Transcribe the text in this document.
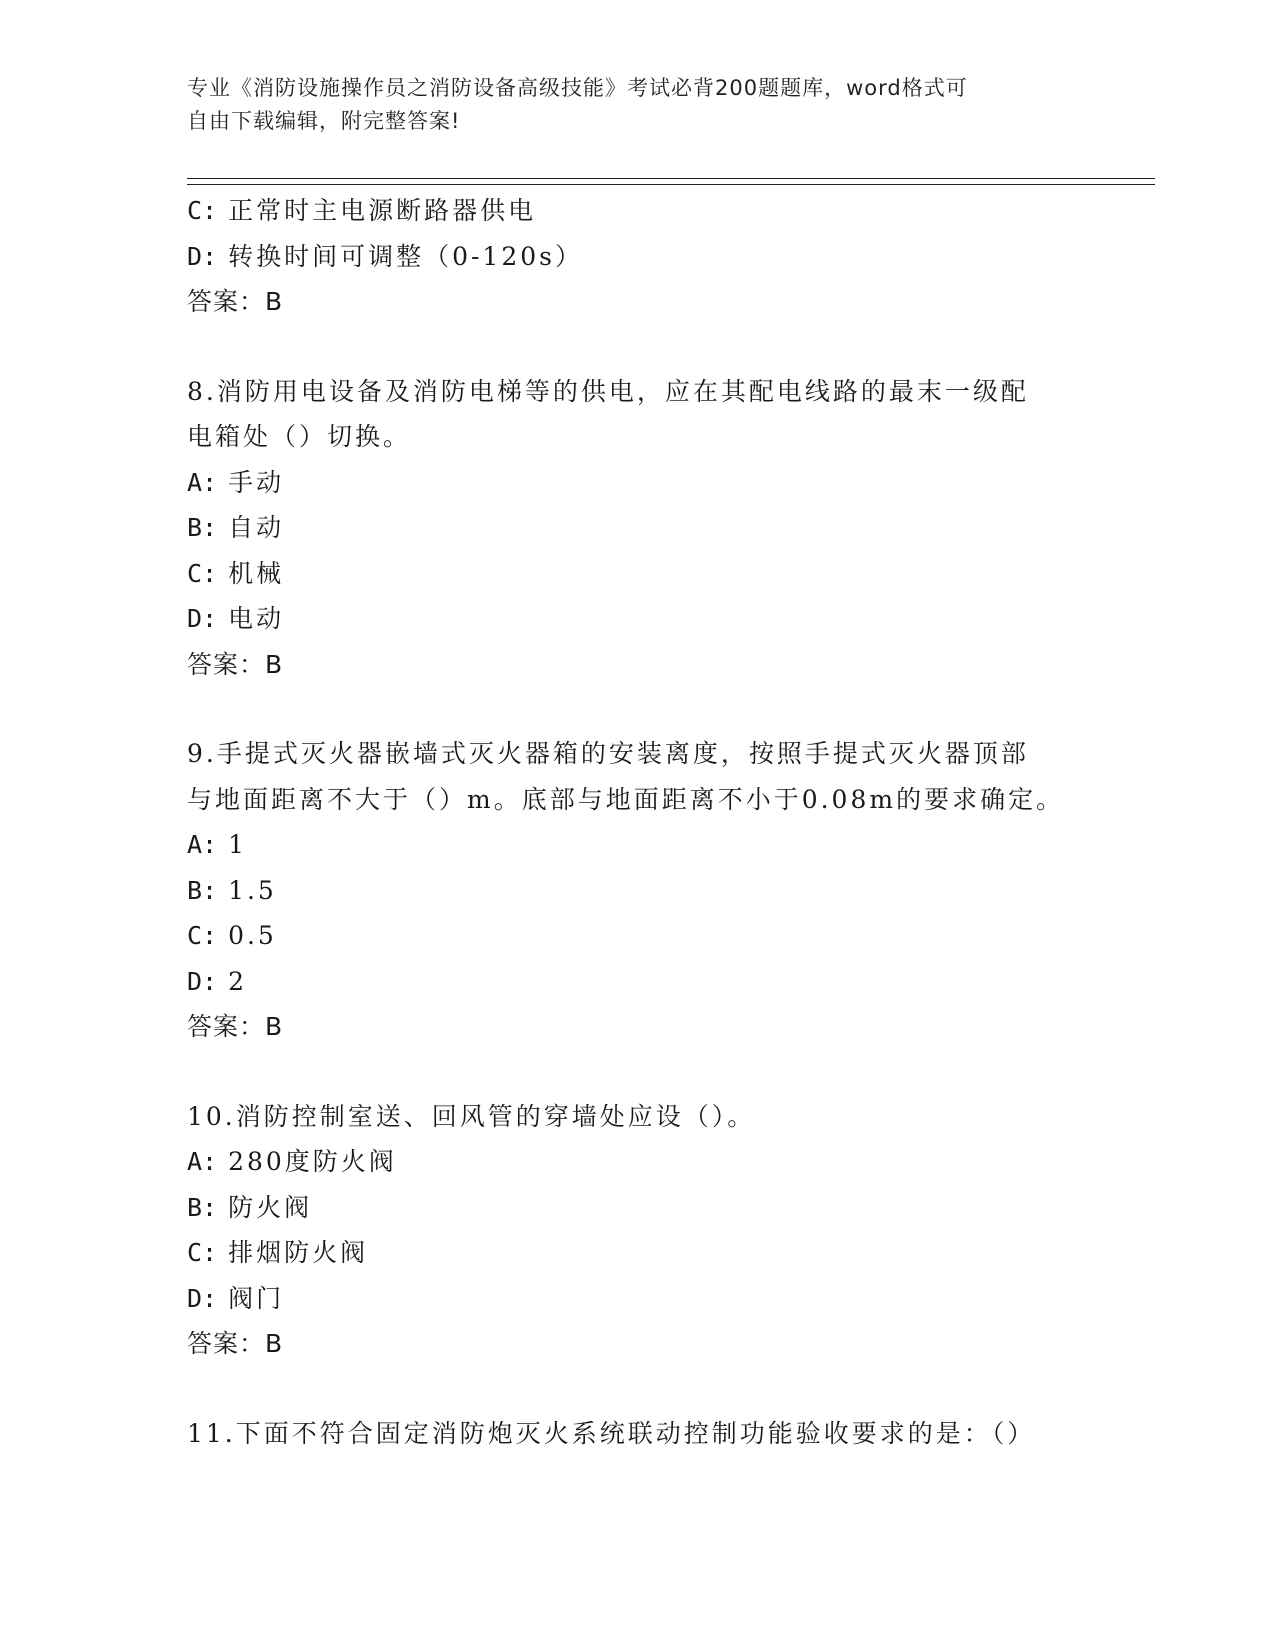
专业《消防设施操作员之消防设备高级技能》考试必背200题题库，word格式可
自由下载编辑，附完整答案!
C: 正常时主电源断路器供电
D: 转换时间可调整（0-120s）
答案：B
8.消防用电设备及消防电梯等的供电，应在其配电线路的最末一级配
电箱处（）切换。
A: 手动
B: 自动
C: 机械
D: 电动
答案：B
9.手提式灭火器嵌墙式灭火器箱的安装离度，按照手提式灭火器顶部
与地面距离不大于（）m。底部与地面距离不小于0.08m的要求确定。
A: 1
B: 1.5
C: 0.5
D: 2
答案：B
10.消防控制室送、回风管的穿墙处应设（）。
A: 280度防火阀
B: 防火阀
C: 排烟防火阀
D: 阀门
答案：B
11.下面不符合固定消防炮灭火系统联动控制功能验收要求的是：（）
